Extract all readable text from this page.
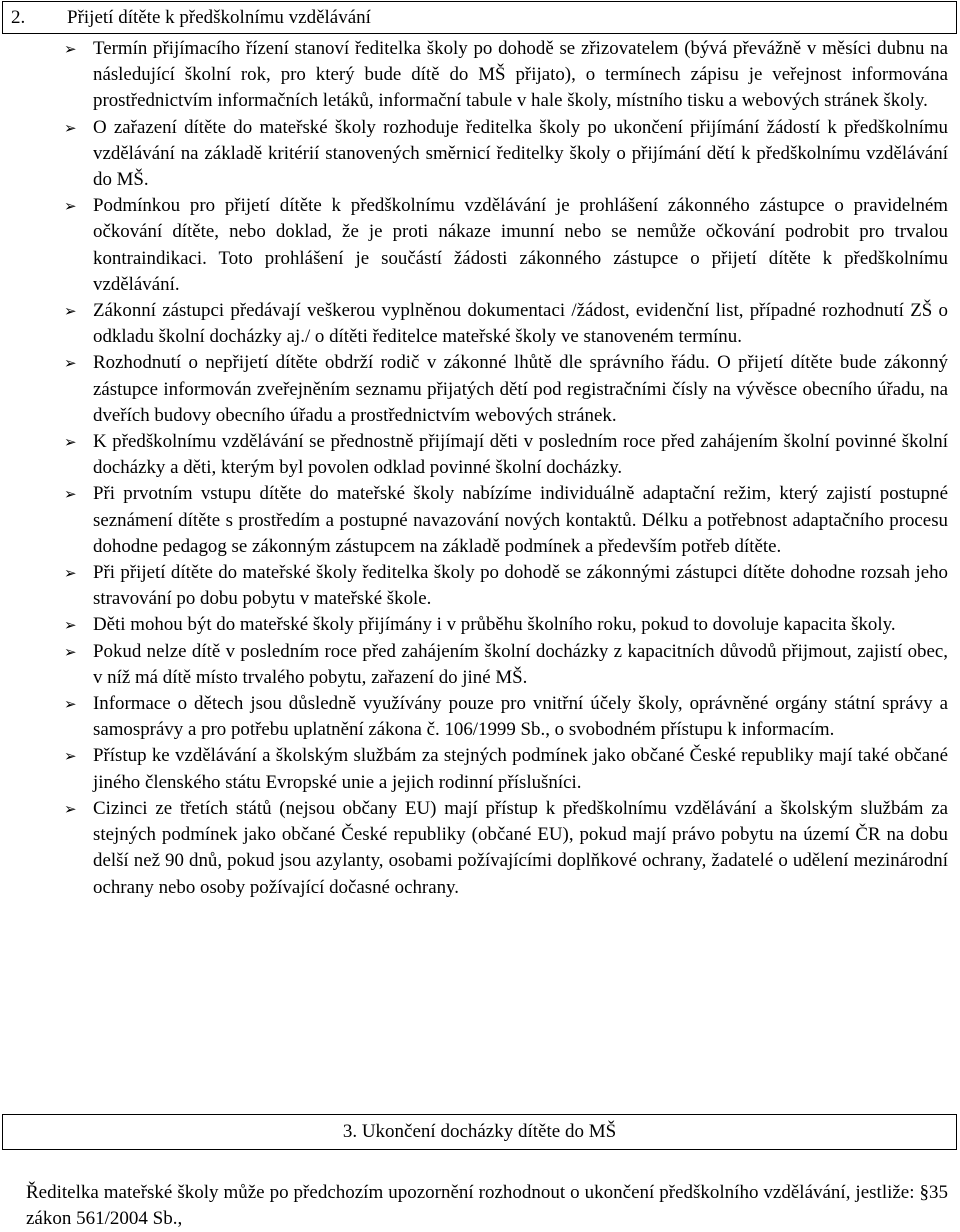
2. Přijetí dítěte k předškolnímu vzdělávání
➢ Termín přijímacího řízení stanoví ředitelka školy po dohodě se zřizovatelem (bývá převážně v měsíci dubnu na následující školní rok, pro který bude dítě do MŠ přijato), o termínech zápisu je veřejnost informována prostřednictvím informačních letáků, informační tabule v hale školy, místního tisku a webových stránek školy.
➢ O zařazení dítěte do mateřské školy rozhoduje ředitelka školy po ukončení přijímání žádostí k předškolnímu vzdělávání na základě kritérií stanovených směrnicí ředitelky školy o přijímání dětí k předškolnímu vzdělávání do MŠ.
➢ Podmínkou pro přijetí dítěte k předškolnímu vzdělávání je prohlášení zákonného zástupce o pravidelném očkování dítěte, nebo doklad, že je proti nákaze imunní nebo se nemůže očkování podrobit pro trvalou kontraindikaci. Toto prohlášení je součástí žádosti zákonného zástupce o přijetí dítěte k předškolnímu vzdělávání.
➢ Zákonní zástupci předávají veškerou vyplněnou dokumentaci /žádost, evidenční list, případné rozhodnutí ZŠ o odkladu školní docházky aj./ o dítěti ředitelce mateřské školy ve stanoveném termínu.
➢ Rozhodnutí o nepřijetí dítěte obdrží rodič v zákonné lhůtě dle správního řádu. O přijetí dítěte bude zákonný zástupce informován zveřejněním seznamu přijatých dětí pod registračními čísly na vývěsce obecního úřadu, na dveřích budovy obecního úřadu a prostřednictvím webových stránek.
➢ K předškolnímu vzdělávání se přednostně přijímají děti v posledním roce před zahájením školní povinné školní docházky a děti, kterým byl povolen odklad povinné školní docházky.
➢ Při prvotním vstupu dítěte do mateřské školy nabízíme individuálně adaptační režim, který zajistí postupné seznámení dítěte s prostředím a postupné navazování nových kontaktů. Délku a potřebnost adaptačního procesu dohodne pedagog se zákonným zástupcem na základě podmínek a především potřeb dítěte.
➢ Při přijetí dítěte do mateřské školy ředitelka školy po dohodě se zákonnými zástupci dítěte dohodne rozsah jeho stravování po dobu pobytu v mateřské škole.
➢ Děti mohou být do mateřské školy přijímány i v průběhu školního roku, pokud to dovoluje kapacita školy.
➢ Pokud nelze dítě v posledním roce před zahájením školní docházky z kapacitních důvodů přijmout, zajistí obec, v níž má dítě místo trvalého pobytu, zařazení do jiné MŠ.
➢ Informace o dětech jsou důsledně využívány pouze pro vnitřní účely školy, oprávněné orgány státní správy a samosprávy a pro potřebu uplatnění zákona č. 106/1999 Sb., o svobodném přístupu k informacím.
➢ Přístup ke vzdělávání a školským službám za stejných podmínek jako občané České republiky mají také občané jiného členského státu Evropské unie a jejich rodinní příslušníci.
➢ Cizinci ze třetích států (nejsou občany EU) mají přístup k předškolnímu vzdělávání a školským službám za stejných podmínek jako občané České republiky (občané EU), pokud mají právo pobytu na území ČR na dobu delší než 90 dnů, pokud jsou azylanty, osobami požívajícími doplňkové ochrany, žadatelé o udělení mezinárodní ochrany nebo osoby požívající dočasné ochrany.
3. Ukončení docházky dítěte do MŠ

Ředitelka mateřské školy může po předchozím upozornění rozhodnout o ukončení předškolního vzdělávání, jestliže: §35 zákon 561/2004 Sb.,
